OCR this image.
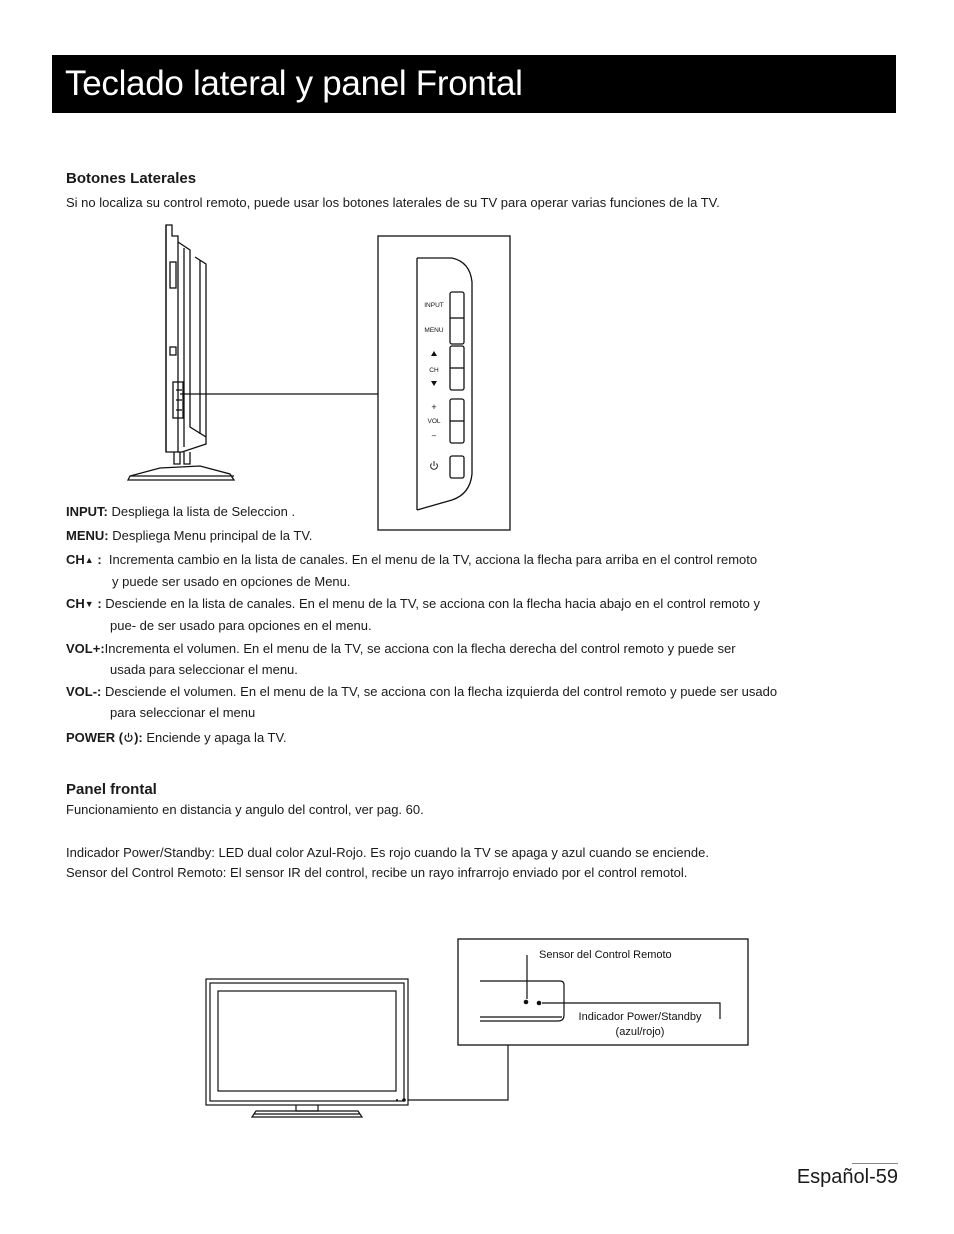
Teclado lateral y panel Frontal
Botones Laterales

Si no localiza su control remoto, puede usar los botones laterales de su TV para operar varias funciones de la TV.

INPUT
MENU
CH
+
VOL
–
INPUT: Despliega la lista de Seleccion .
MENU: Despliega Menu principal de la TV.
CH▲ : Incrementa cambio en la lista de canales. En el menu de la TV, acciona la flecha para arriba en el control remoto
y puede ser usado en opciones de Menu.
CH▼ : Desciende en la lista de canales. En el menu de la TV, se acciona con la flecha hacia abajo en el control remoto y
pue- de ser usado para opciones en el menu.
VOL+:Incrementa el volumen. En el menu de la TV, se acciona con la flecha derecha del control remoto y puede ser
usada para seleccionar el menu.
VOL-: Desciende el volumen. En el menu de la TV, se acciona con la flecha izquierda del control remoto y puede ser usado
para seleccionar el menu
POWER ( ): Enciende y apaga la TV.
Panel frontal

Funcionamiento en distancia y angulo del control, ver pag. 60.

Indicador Power/Standby: LED dual color Azul-Rojo. Es rojo cuando la TV se apaga y azul cuando se enciende.

Sensor del Control Remoto: El sensor IR del control, recibe un rayo infrarrojo enviado por el control remotol.

Sensor del Control Remoto
Indicador Power/Standby
(azul/rojo)
Español-59
